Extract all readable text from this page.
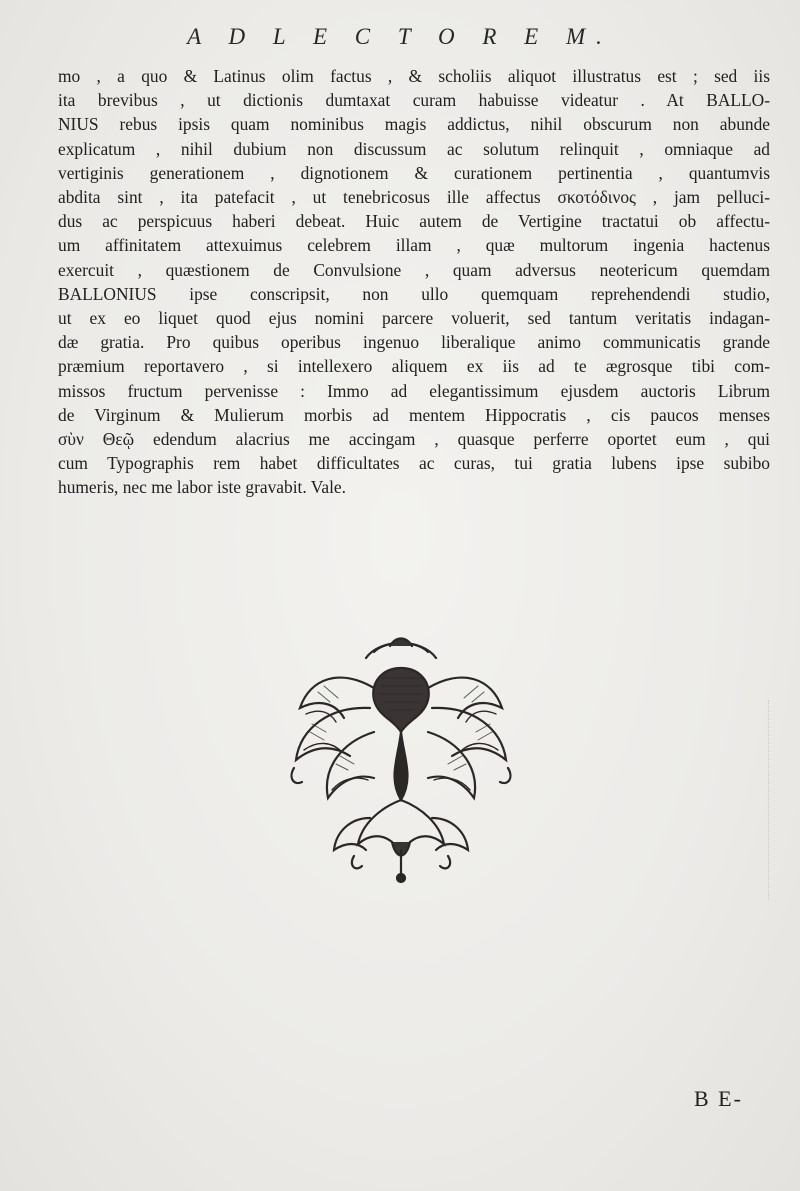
A D L E C T O R E M.
mo , a quo & Latinus olim factus , & scholiis aliquot illustratus est ; sed iis
ita brevibus , ut dictionis dumtaxat curam habuisse videatur . At BALLO-
NIUS rebus ipsis quam nominibus magis addictus, nihil obscurum non abunde
explicatum , nihil dubium non discussum ac solutum relinquit , omniaque ad
vertiginis generationem , dignotionem & curationem pertinentia , quantumvis
abdita sint , ita patefacit , ut tenebricosus ille affectus σκοτόδινος , jam pelluci-
dus ac perspicuus haberi debeat. Huic autem de Vertigine tractatui ob affectu-
um affinitatem attexuimus celebrem illam , quæ multorum ingenia hactenus
exercuit , quæstionem de Convulsione , quam adversus neotericum quemdam
BALLONIUS ipse conscripsit, non ullo quemquam reprehendendi studio,
ut ex eo liquet quod ejus nomini parcere voluerit, sed tantum veritatis indagan-
dæ gratia. Pro quibus operibus ingenuo liberalique animo communicatis grande
præmium reportavero , si intellexero aliquem ex iis ad te ægrosque tibi com-
missos fructum pervenisse : Immo ad elegantissimum ejusdem auctoris Librum
de Virginum & Mulierum morbis ad mentem Hippocratis , cis paucos menses
σὺν Θεῷ edendum alacrius me accingam , quasque perferre oportet eum , qui
cum Typographis rem habet difficultates ac curas, tui gratia lubens ipse subibo
humeris, nec me labor iste gravabit. Vale.
B E-
